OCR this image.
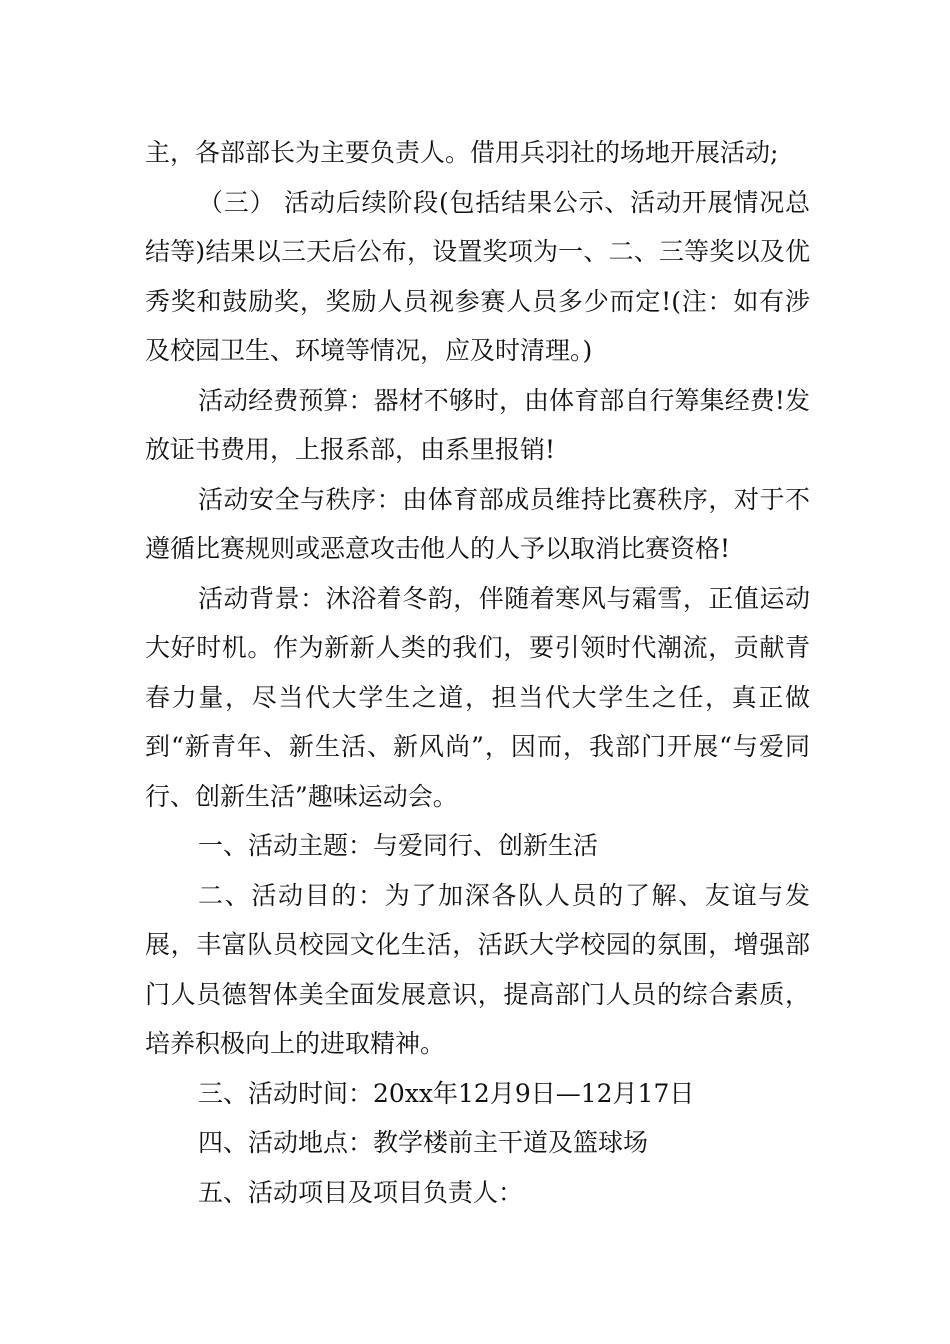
主，各部部长为主要负责人。借用兵羽社的场地开展活动;

（三） 活动后续阶段(包括结果公示、活动开展情况总结等)结果以三天后公布，设置奖项为一、二、三等奖以及优秀奖和鼓励奖，奖励人员视参赛人员多少而定!(注：如有涉及校园卫生、环境等情况，应及时清理。)

活动经费预算：器材不够时，由体育部自行筹集经费!发放证书费用，上报系部，由系里报销!

活动安全与秩序：由体育部成员维持比赛秩序，对于不遵循比赛规则或恶意攻击他人的人予以取消比赛资格!

活动背景：沐浴着冬韵，伴随着寒风与霜雪，正值运动大好时机。作为新新人类的我们，要引领时代潮流，贡献青春力量，尽当代大学生之道，担当代大学生之任，真正做到“新青年、新生活、新风尚”，因而，我部门开展“与爱同行、创新生活”趣味运动会。

一、活动主题：与爱同行、创新生活

二、活动目的：为了加深各队人员的了解、友谊与发展，丰富队员校园文化生活，活跃大学校园的氛围，增强部门人员德智体美全面发展意识，提高部门人员的综合素质，培养积极向上的进取精神。

三、活动时间：20xx年12月9日—12月17日

四、活动地点：教学楼前主干道及篮球场

五、活动项目及项目负责人：
